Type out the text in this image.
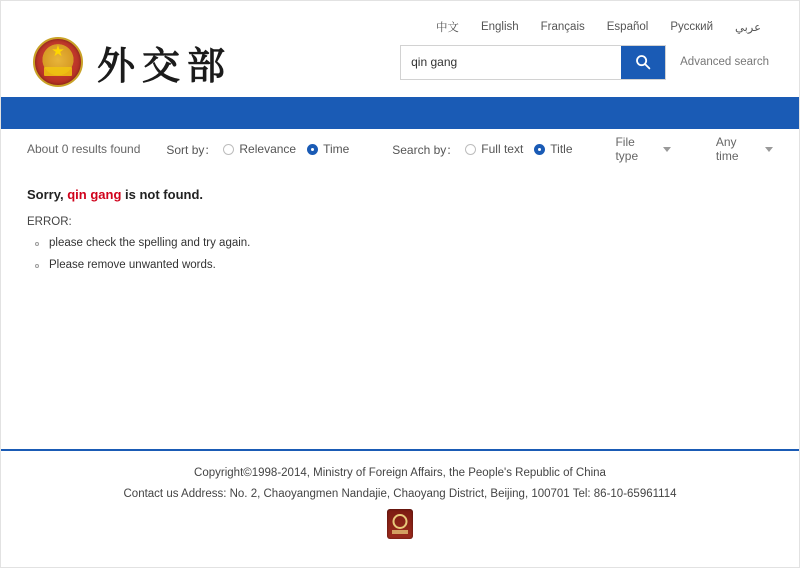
中文 English Français Español Русский عربي
★
外交部
qin gang	Advanced search
About 0 results found Sort by： Relevance Time	Search by： Full text Title	File type
Any time
Sorry, qin gang is not found.
ERROR:
please check the spelling and try again.
Please remove unwanted words.
Copyright©1998-2014, Ministry of Foreign Affairs, the People's Republic of China
Contact us Address: No. 2, Chaoyangmen Nandajie, Chaoyang District, Beijing, 100701 Tel: 86-10-65961114
